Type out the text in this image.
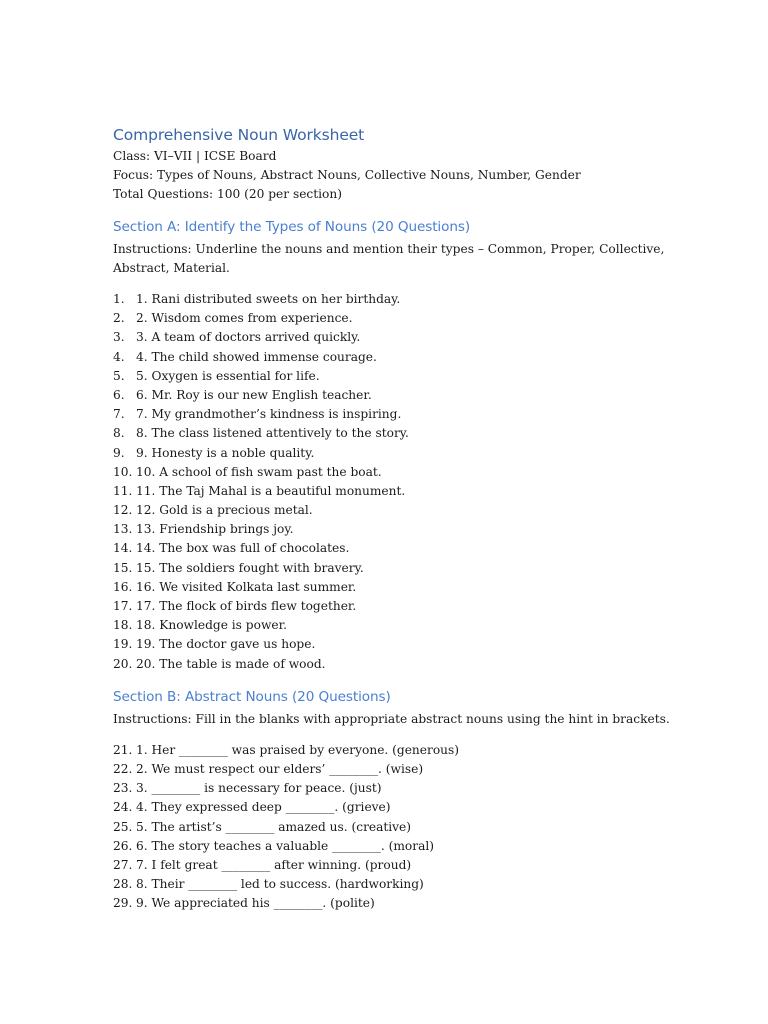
Comprehensive Noun Worksheet

Class: VI–VII | ICSE Board

Focus: Types of Nouns, Abstract Nouns, Collective Nouns, Number, Gender

Total Questions: 100 (20 per section)

Section A: Identify the Types of Nouns (20 Questions)

Instructions: Underline the nouns and mention their types – Common, Proper, Collective, Abstract, Material.

1. 1. Rani distributed sweets on her birthday.
2. 2. Wisdom comes from experience.
3. 3. A team of doctors arrived quickly.
4. 4. The child showed immense courage.
5. 5. Oxygen is essential for life.
6. 6. Mr. Roy is our new English teacher.
7. 7. My grandmother’s kindness is inspiring.
8. 8. The class listened attentively to the story.
9. 9. Honesty is a noble quality.
10. 10. A school of fish swam past the boat.
11. 11. The Taj Mahal is a beautiful monument.
12. 12. Gold is a precious metal.
13. 13. Friendship brings joy.
14. 14. The box was full of chocolates.
15. 15. The soldiers fought with bravery.
16. 16. We visited Kolkata last summer.
17. 17. The flock of birds flew together.
18. 18. Knowledge is power.
19. 19. The doctor gave us hope.
20. 20. The table is made of wood.
Section B: Abstract Nouns (20 Questions)

Instructions: Fill in the blanks with appropriate abstract nouns using the hint in brackets.

21. 1. Her ________ was praised by everyone. (generous)
22. 2. We must respect our elders’ ________. (wise)
23. 3. ________ is necessary for peace. (just)
24. 4. They expressed deep ________. (grieve)
25. 5. The artist’s ________ amazed us. (creative)
26. 6. The story teaches a valuable ________. (moral)
27. 7. I felt great ________ after winning. (proud)
28. 8. Their ________ led to success. (hardworking)
29. 9. We appreciated his ________. (polite)
